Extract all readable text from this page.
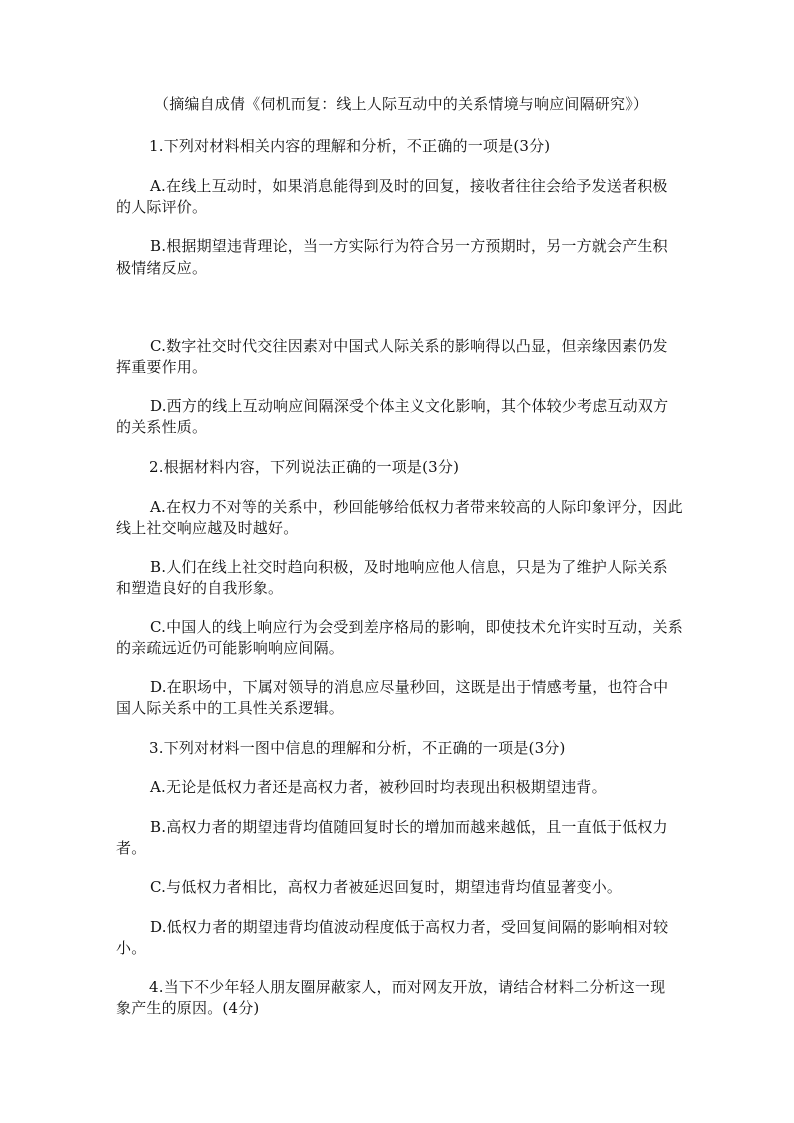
（摘编自成倩《伺机而复：线上人际互动中的关系情境与响应间隔研究》）
1.下列对材料相关内容的理解和分析，不正确的一项是(3分)
A.在线上互动时，如果消息能得到及时的回复，接收者往往会给予发送者积极的人际评价。
B.根据期望违背理论，当一方实际行为符合另一方预期时，另一方就会产生积
极情绪反应。
C.数字社交时代交往因素对中国式人际关系的影响得以凸显，但亲缘因素仍发挥重要作用。
D.西方的线上互动响应间隔深受个体主义文化影响，其个体较少考虑互动双方的关系性质。
2.根据材料内容，下列说法正确的一项是(3分)
A.在权力不对等的关系中，秒回能够给低权力者带来较高的人际印象评分，因此线上社交响应越及时越好。
B.人们在线上社交时趋向积极，及时地响应他人信息，只是为了维护人际关系和塑造良好的自我形象。
C.中国人的线上响应行为会受到差序格局的影响，即使技术允许实时互动，关系的亲疏远近仍可能影响响应间隔。
D.在职场中，下属对领导的消息应尽量秒回，这既是出于情感考量，也符合中国人际关系中的工具性关系逻辑。
3.下列对材料一图中信息的理解和分析，不正确的一项是(3分)
A.无论是低权力者还是高权力者，被秒回时均表现出积极期望违背。
B.高权力者的期望违背均值随回复时长的增加而越来越低，且一直低于低权力者。
C.与低权力者相比，高权力者被延迟回复时，期望违背均值显著变小。
D.低权力者的期望违背均值波动程度低于高权力者，受回复间隔的影响相对较小。
4.当下不少年轻人朋友圈屏蔽家人，而对网友开放，请结合材料二分析这一现象产生的原因。(4分)
